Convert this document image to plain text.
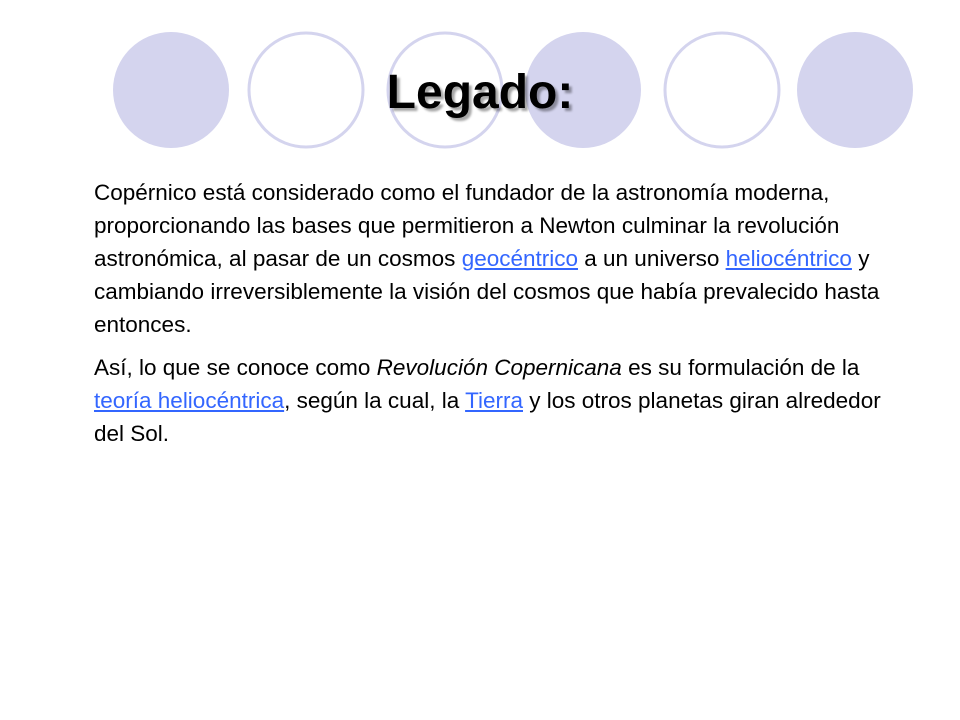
Legado:

Copérnico está considerado como el fundador de la astronomía moderna, proporcionando las bases que permitieron a Newton culminar la revolución astronómica, al pasar de un cosmos geocéntrico a un universo heliocéntrico y cambiando irreversiblemente la visión del cosmos que había prevalecido hasta entonces.

Así, lo que se conoce como Revolución Copernicana es su formulación de la teoría heliocéntrica, según la cual, la Tierra y los otros planetas giran alrededor del Sol.
